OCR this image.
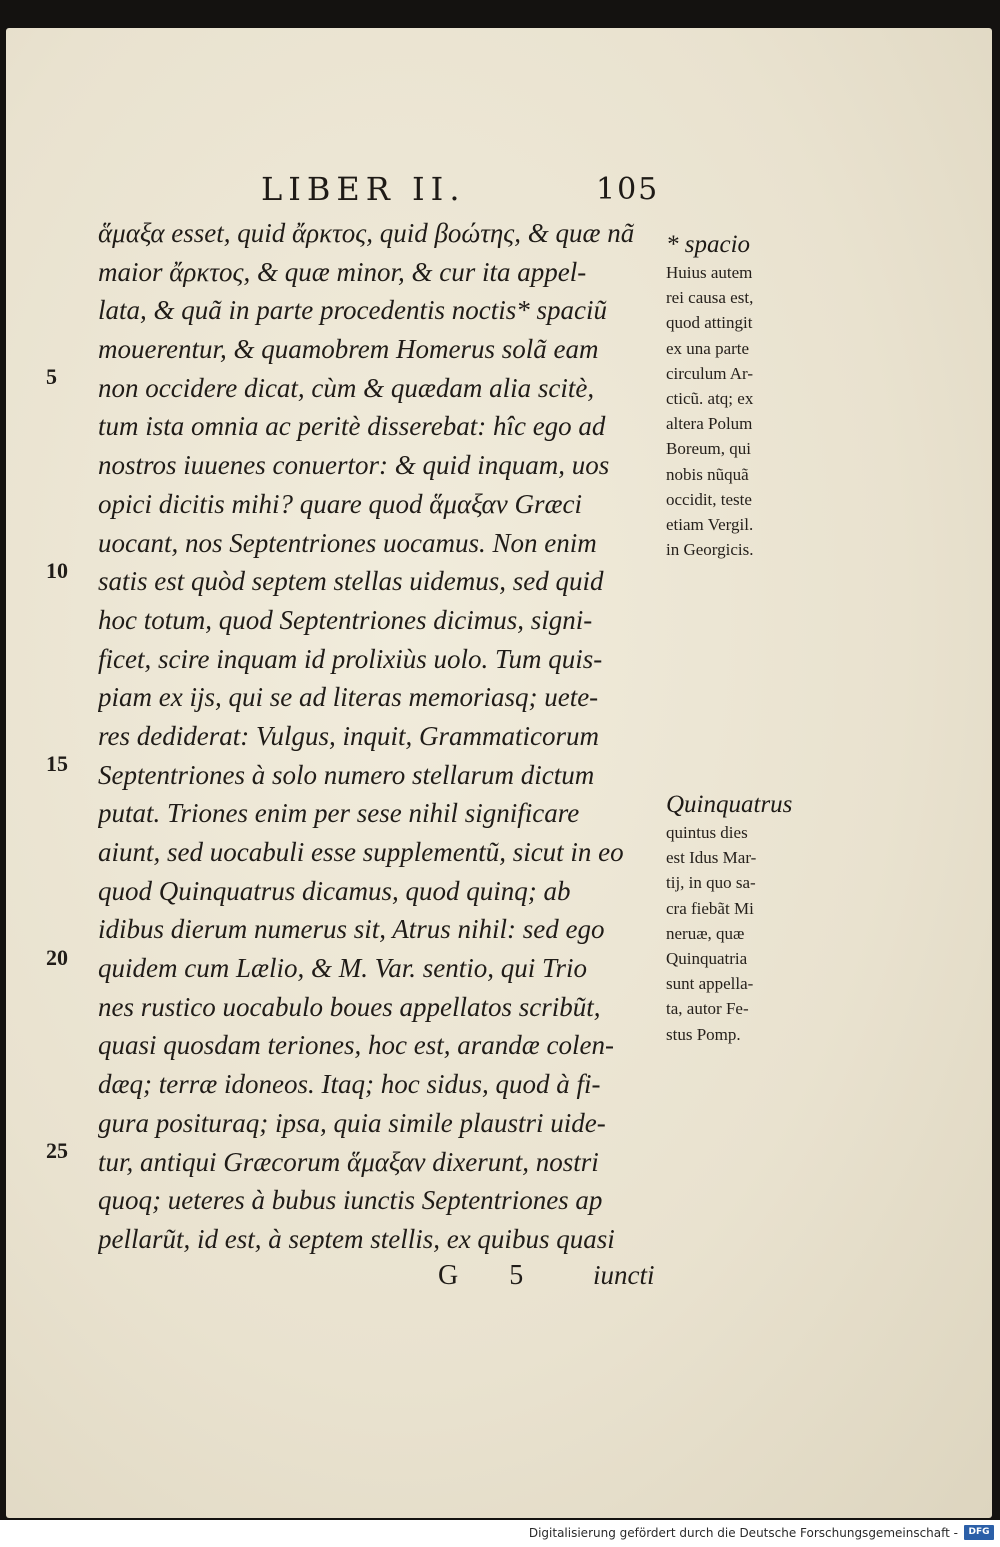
LIBER II.	105
ἅμαξα esset, quid ἄρκτος, quid βοώτης, & quæ nã
maior ἄρκτος, & quæ minor, & cur ita appel-
lata, & quã in parte procedentis noctis* spaciũ
mouerentur, & quamobrem Homerus solã eam
non occidere dicat, cùm & quædam alia scitè,
tum ista omnia ac peritè disserebat: hîc ego ad
nostros iuuenes conuertor: & quid inquam, uos
opici dicitis mihi? quare quod ἅμαξαν Græci
uocant, nos Septentriones uocamus. Non enim
satis est quòd septem stellas uidemus, sed quid
hoc totum, quod Septentriones dicimus, signi-
ficet, scire inquam id prolixiùs uolo. Tum quis-
piam ex ijs, qui se ad literas memoriasq; uete-
res dediderat: Vulgus, inquit, Grammaticorum
Septentriones à solo numero stellarum dictum
putat. Triones enim per sese nihil significare
aiunt, sed uocabuli esse supplementũ, sicut in eo
quod Quinquatrus dicamus, quod quinq; ab
idibus dierum numerus sit, Atrus nihil: sed ego
quidem cum Lælio, & M. Var. sentio, qui Trio
nes rustico uocabulo boues appellatos scribũt,
quasi quosdam teriones, hoc est, arandæ colen-
dæq; terræ idoneos. Itaq; hoc sidus, quod à fi-
gura posituraq; ipsa, quia simile plaustri uide-
tur, antiqui Græcorum ἅμαξαν dixerunt, nostri
quoq; ueteres à bubus iunctis Septentriones ap
pellarũt, id est, à septem stellis, ex quibus quasi
5
10
15
20
25
* spacio
Huius autem
rei causa est,
quod attingit
ex una parte
circulum Ar-
cticũ. atq; ex
altera Polum
Boreum, qui
nobis nũquã
occidit, teste
etiam Vergil.
in Georgicis.
Quinquatrus
quintus dies
est Idus Mar-
tij, in quo sa-
cra fiebãt Mi
neruæ, quæ
Quinquatria
sunt appella-
ta, autor Fe-
stus Pomp.
G 5 iuncti
Digitalisierung gefördert durch die Deutsche Forschungsgemeinschaft -	DFG
